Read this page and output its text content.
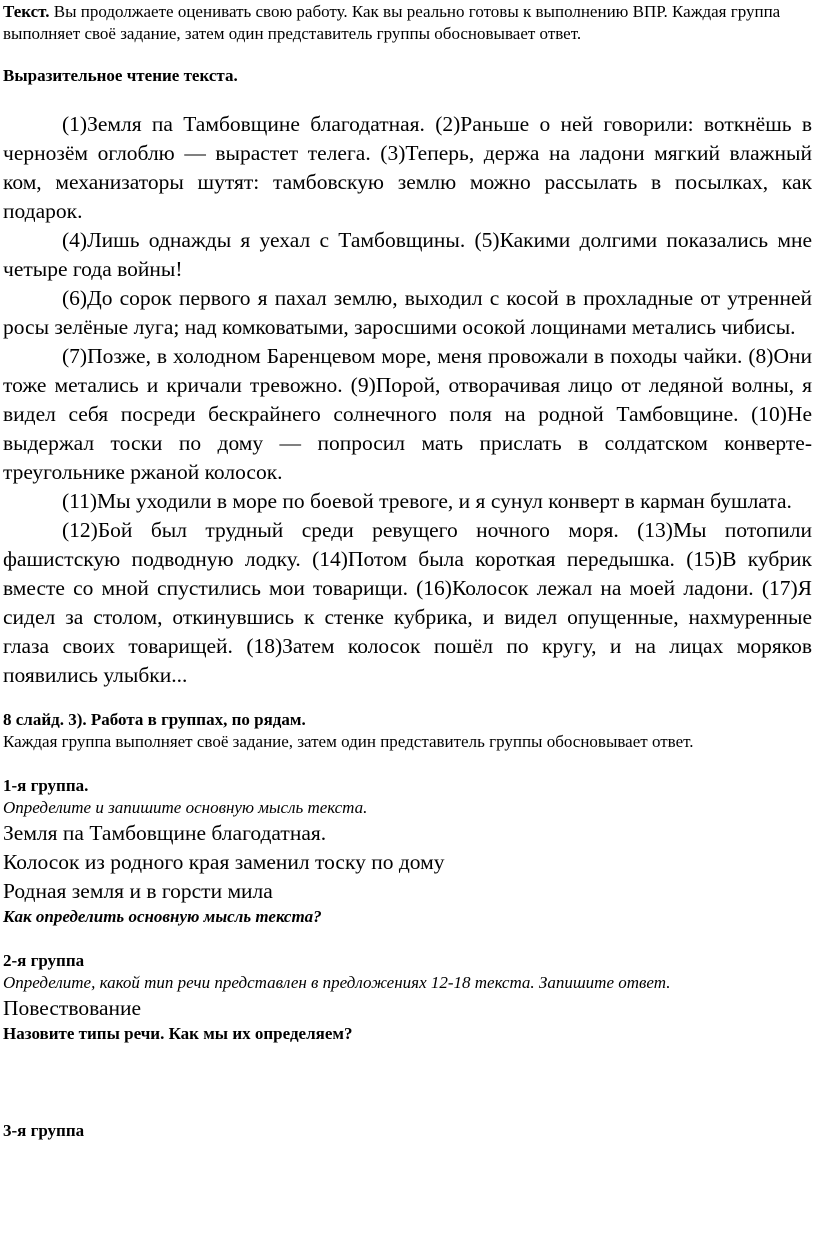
Текст. Вы продолжаете оценивать свою работу. Как вы реально готовы к выполнению ВПР. Каждая группа выполняет своё задание, затем один представитель группы обосновывает ответ.

Выразительное чтение текста.

(1)Земля па Тамбовщине благодатная. (2)Раньше о ней говорили: воткнёшь в чернозём оглоблю — вырастет телега. (3)Теперь, держа на ладони мягкий влажный ком, механизаторы шутят: тамбовскую землю можно рассылать в посылках, как подарок.

(4)Лишь однажды я уехал с Тамбовщины. (5)Какими долгими показались мне четыре года войны!

(6)До сорок первого я пахал землю, выходил с косой в прохладные от утренней росы зелёные луга; над комковатыми, заросшими осокой лощинами метались чибисы.

(7)Позже, в холодном Баренцевом море, меня провожали в походы чайки. (8)Они тоже метались и кричали тревожно. (9)Порой, отворачивая лицо от ледяной волны, я видел себя посреди бескрайнего солнечного поля на родной Тамбовщине. (10)Не выдержал тоски по дому — попросил мать прислать в солдатском конверте-треугольнике ржаной колосок.

(11)Мы уходили в море по боевой тревоге, и я сунул конверт в карман бушлата.

(12)Бой был трудный среди ревущего ночного моря. (13)Мы потопили фашистскую подводную лодку. (14)Потом была короткая передышка. (15)В кубрик вместе со мной спустились мои товарищи. (16)Колосок лежал на моей ладони. (17)Я сидел за столом, откинувшись к стенке кубрика, и видел опущенные, нахмуренные глаза своих товарищей. (18)Затем колосок пошёл по кругу, и на лицах моряков появились улыбки...

8 слайд. 3). Работа в группах, по рядам.

Каждая группа выполняет своё задание, затем один представитель группы обосновывает ответ.

1-я группа.

Определите и запишите основную мысль текста.

Земля па Тамбовщине благодатная.

Колосок из родного края заменил тоску по дому

Родная земля и в горсти мила

Как определить основную мысль текста?

2-я группа

Определите, какой тип речи представлен в предложениях 12-18 текста. Запишите ответ.

Повествование

Назовите типы речи. Как мы их определяем?

3-я группа
